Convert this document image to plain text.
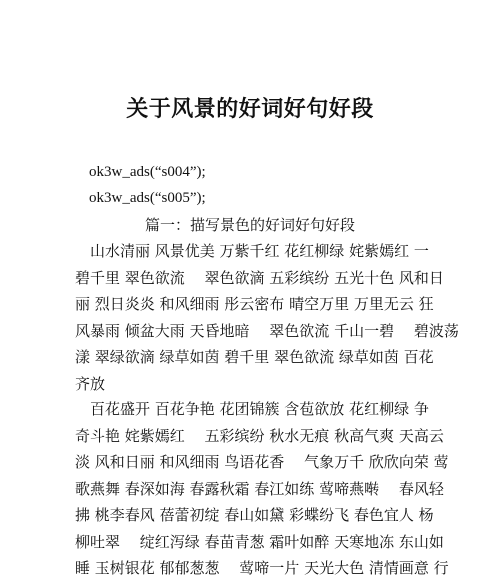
关于风景的好词好句好段
ok3w_ads(“s004”);
ok3w_ads(“s005”);
篇一：描写景色的好词好句好段
　山水清丽 风景优美 万紫千红 花红柳绿 姹紫嫣红 一
碧千里 翠色欲流 　翠色欲滴 五彩缤纷 五光十色 风和日
丽 烈日炎炎 和风细雨 彤云密布 晴空万里 万里无云 狂
风暴雨 倾盆大雨 天昏地暗 　翠色欲流 千山一碧 　碧波荡
漾 翠绿欲滴 绿草如茵 碧千里 翠色欲流 绿草如茵 百花
齐放
　百花盛开 百花争艳 花团锦簇 含苞欲放 花红柳绿 争
奇斗艳 姹紫嫣红 　五彩缤纷 秋水无痕 秋高气爽 天高云
淡 风和日丽 和风细雨 鸟语花香 　气象万千 欣欣向荣 莺
歌燕舞 春深如海 春露秋霜 春江如练 莺啼燕啭 　春风轻
拂 桃李春风 蓓蕾初绽 春山如黛 彩蝶纷飞 春色宜人 杨
柳吐翠 　绽红泻绿 春苗青葱 霜叶如醉 天寒地冻 东山如
睡 玉树银花 郁郁葱葱 　莺啼一片 天光大色 清情画意 行
